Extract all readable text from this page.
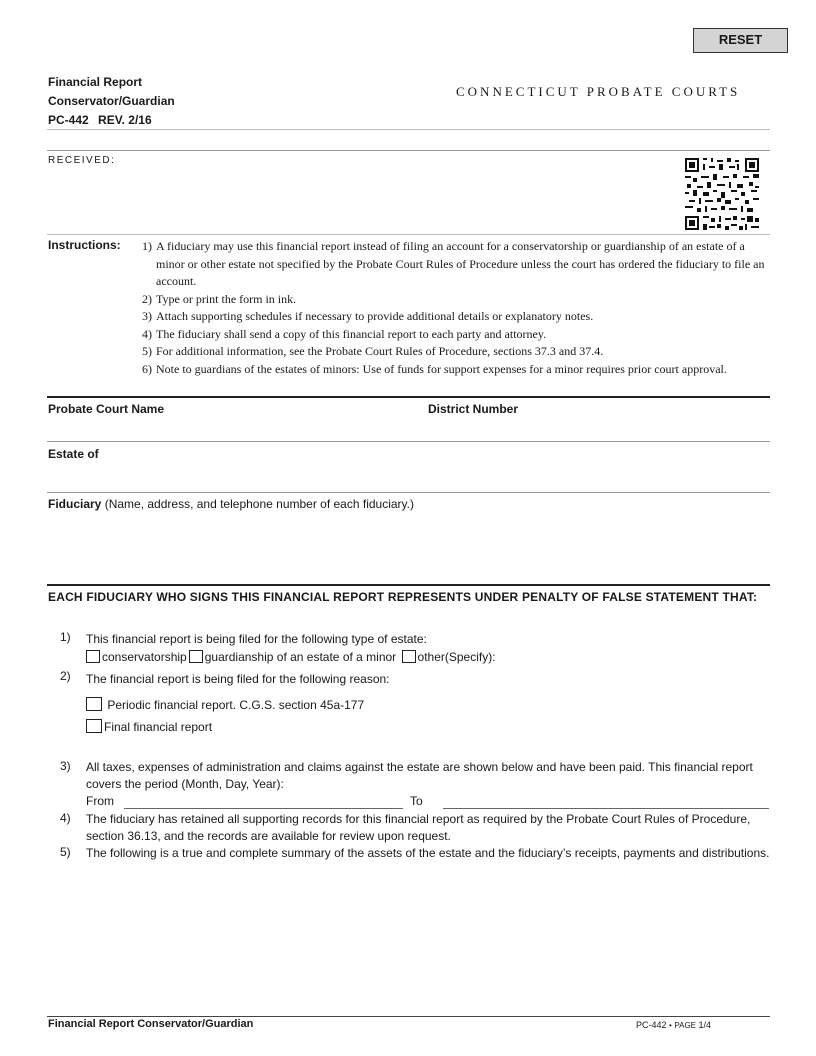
RESET
Financial Report
Conservator/Guardian
PC-442 REV. 2/16
CONNECTICUT PROBATE COURTS
RECEIVED:
Instructions:	1) A fiduciary may use this financial report instead of filing an account for a conservatorship or guardianship of an estate of a minor or other estate not specified by the Probate Court Rules of Procedure unless the court has ordered the fiduciary to file an account.
2) Type or print the form in ink.
3) Attach supporting schedules if necessary to provide additional details or explanatory notes.
4) The fiduciary shall send a copy of this financial report to each party and attorney.
5) For additional information, see the Probate Court Rules of Procedure, sections 37.3 and 37.4.
6) Note to guardians of the estates of minors: Use of funds for support expenses for a minor requires prior court approval.
Probate Court Name	District Number
Estate of
Fiduciary (Name, address, and telephone number of each fiduciary.)
EACH FIDUCIARY WHO SIGNS THIS FINANCIAL REPORT REPRESENTS UNDER PENALTY OF FALSE STATEMENT THAT:
1) This financial report is being filed for the following type of estate:
conservatorship guardianship of an estate of a minor other(Specify):
2) The financial report is being filed for the following reason:
Periodic financial report. C.G.S. section 45a-177
Final financial report
3) All taxes, expenses of administration and claims against the estate are shown below and have been paid. This financial report covers the period (Month, Day, Year):
From	To
4) The fiduciary has retained all supporting records for this financial report as required by the Probate Court Rules of Procedure, section 36.13, and the records are available for review upon request.
5) The following is a true and complete summary of the assets of the estate and the fiduciary’s receipts, payments and distributions.
Financial Report Conservator/Guardian	PC-442 • PAGE 1/4
